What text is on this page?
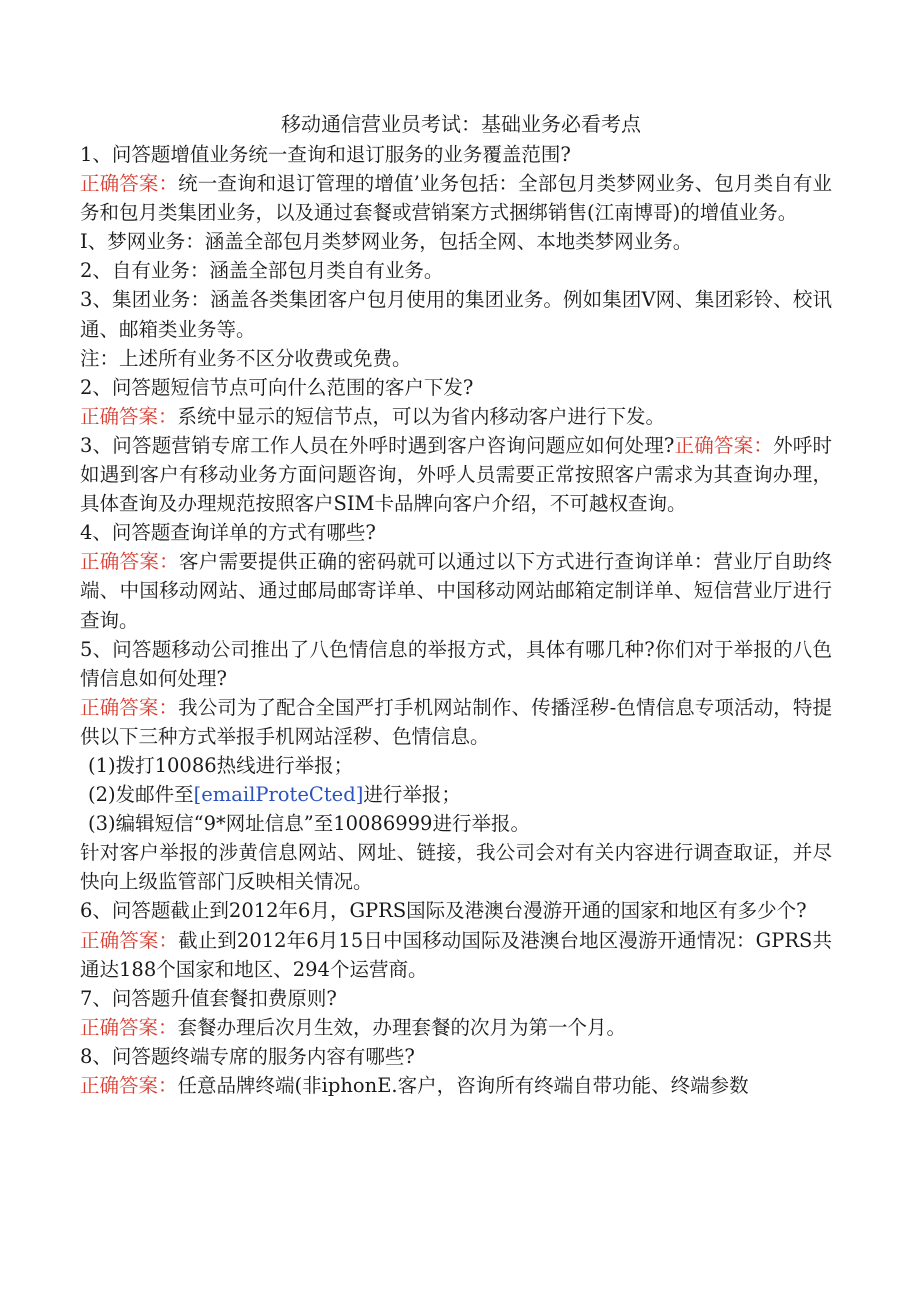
移动通信营业员考试：基础业务必看考点

1、问答题增值业务统一查询和退订服务的业务覆盖范围?

正确答案：统一查询和退订管理的增值’业务包括：全部包月类梦网业务、包月类自有业务和包月类集团业务，以及通过套餐或营销案方式捆绑销售(江南博哥)的增值业务。

I、梦网业务：涵盖全部包月类梦网业务，包括全网、本地类梦网业务。

2、自有业务：涵盖全部包月类自有业务。

3、集团业务：涵盖各类集团客户包月使用的集团业务。例如集团V网、集团彩铃、校讯通、邮箱类业务等。

注：上述所有业务不区分收费或免费。

2、问答题短信节点可向什么范围的客户下发?

正确答案：系统中显示的短信节点，可以为省内移动客户进行下发。

3、问答题营销专席工作人员在外呼时遇到客户咨询问题应如何处理?正确答案：外呼时如遇到客户有移动业务方面问题咨询，外呼人员需要正常按照客户需求为其查询办理，具体查询及办理规范按照客户SIM卡品牌向客户介绍，不可越权查询。

4、问答题查询详单的方式有哪些?

正确答案：客户需要提供正确的密码就可以通过以下方式进行查询详单：营业厅自助终端、中国移动网站、通过邮局邮寄详单、中国移动网站邮箱定制详单、短信营业厅进行查询。

5、问答题移动公司推出了八色情信息的举报方式，具体有哪几种?你们对于举报的八色情信息如何处理?

正确答案：我公司为了配合全国严打手机网站制作、传播淫秽-色情信息专项活动，特提供以下三种方式举报手机网站淫秽、色情信息。

(1)拨打10086热线进行举报；

(2)发邮件至[emailProteCted]进行举报；

(3)编辑短信“9*网址信息”至10086999进行举报。

针对客户举报的涉黄信息网站、网址、链接，我公司会对有关内容进行调查取证，并尽快向上级监管部门反映相关情况。

6、问答题截止到2012年6月，GPRS国际及港澳台漫游开通的国家和地区有多少个?

正确答案：截止到2012年6月15日中国移动国际及港澳台地区漫游开通情况：GPRS共通达188个国家和地区、294个运营商。

7、问答题升值套餐扣费原则?

正确答案：套餐办理后次月生效，办理套餐的次月为第一个月。

8、问答题终端专席的服务内容有哪些?

正确答案：任意品牌终端(非iphonE.客户，咨询所有终端自带功能、终端参数
